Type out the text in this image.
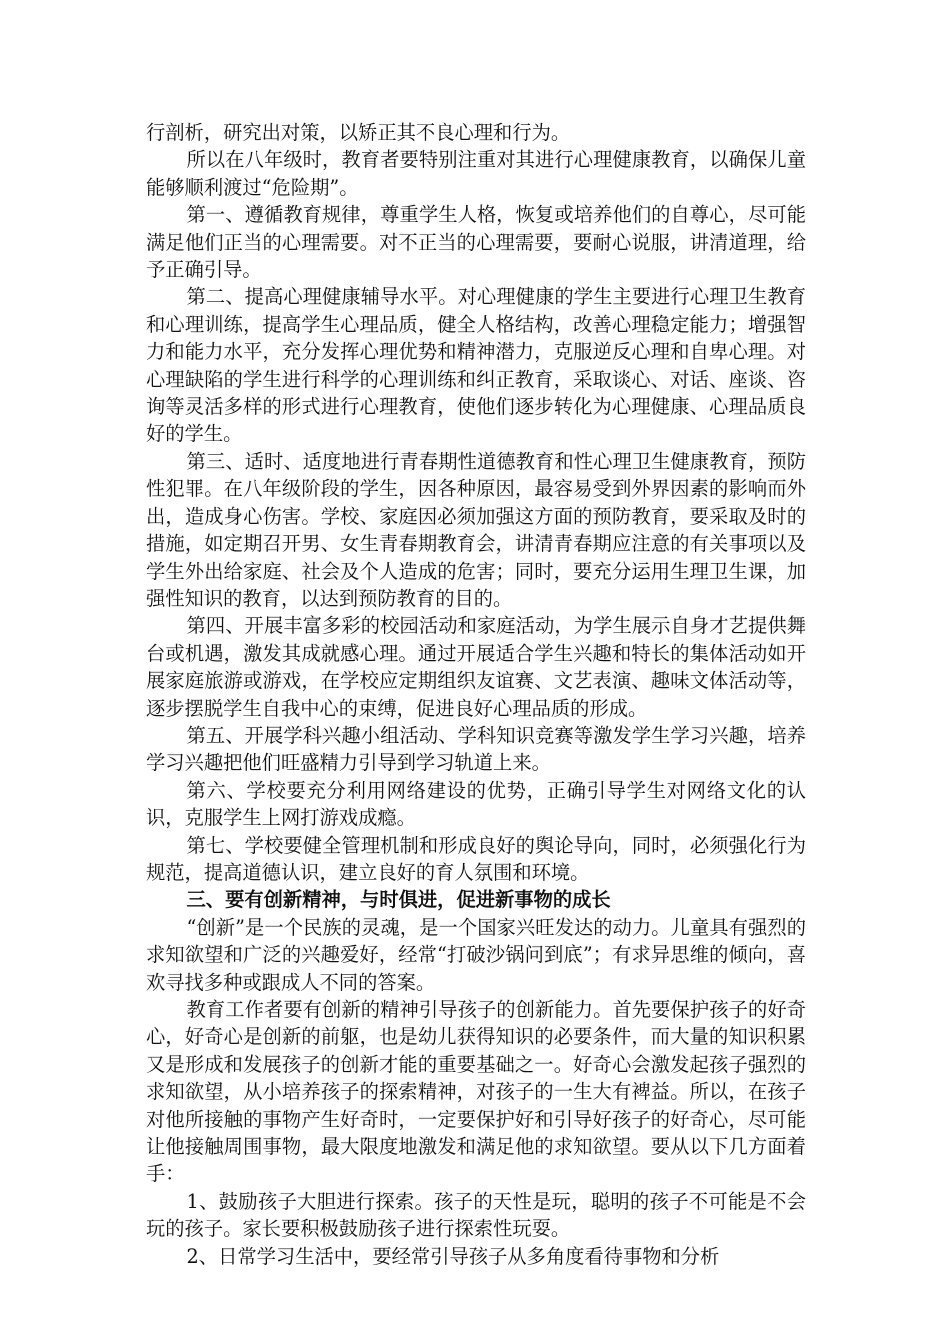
行剖析，研究出对策，以矫正其不良心理和行为。

所以在八年级时，教育者要特别注重对其进行心理健康教育，以确保儿童能够顺利渡过“危险期”。

第一、遵循教育规律，尊重学生人格，恢复或培养他们的自尊心，尽可能满足他们正当的心理需要。对不正当的心理需要，要耐心说服，讲清道理，给予正确引导。

第二、提高心理健康辅导水平。对心理健康的学生主要进行心理卫生教育和心理训练，提高学生心理品质，健全人格结构，改善心理稳定能力；增强智力和能力水平，充分发挥心理优势和精神潜力，克服逆反心理和自卑心理。对心理缺陷的学生进行科学的心理训练和纠正教育，采取谈心、对话、座谈、咨询等灵活多样的形式进行心理教育，使他们逐步转化为心理健康、心理品质良好的学生。

第三、适时、适度地进行青春期性道德教育和性心理卫生健康教育，预防性犯罪。在八年级阶段的学生，因各种原因，最容易受到外界因素的影响而外出，造成身心伤害。学校、家庭因必须加强这方面的预防教育，要采取及时的措施，如定期召开男、女生青春期教育会，讲清青春期应注意的有关事项以及学生外出给家庭、社会及个人造成的危害；同时，要充分运用生理卫生课，加强性知识的教育，以达到预防教育的目的。

第四、开展丰富多彩的校园活动和家庭活动，为学生展示自身才艺提供舞台或机遇，激发其成就感心理。通过开展适合学生兴趣和特长的集体活动如开展家庭旅游或游戏，在学校应定期组织友谊赛、文艺表演、趣味文体活动等，逐步摆脱学生自我中心的束缚，促进良好心理品质的形成。

第五、开展学科兴趣小组活动、学科知识竞赛等激发学生学习兴趣，培养学习兴趣把他们旺盛精力引导到学习轨道上来。

第六、学校要充分利用网络建设的优势，正确引导学生对网络文化的认识，克服学生上网打游戏成瘾。

第七、学校要健全管理机制和形成良好的舆论导向，同时，必须强化行为规范，提高道德认识，建立良好的育人氛围和环境。

三、要有创新精神，与时俱进，促进新事物的成长

“创新”是一个民族的灵魂，是一个国家兴旺发达的动力。儿童具有强烈的求知欲望和广泛的兴趣爱好，经常“打破沙锅问到底”；有求异思维的倾向，喜欢寻找多种或跟成人不同的答案。

教育工作者要有创新的精神引导孩子的创新能力。首先要保护孩子的好奇心，好奇心是创新的前躯，也是幼儿获得知识的必要条件，而大量的知识积累又是形成和发展孩子的创新才能的重要基础之一。好奇心会激发起孩子强烈的求知欲望，从小培养孩子的探索精神，对孩子的一生大有裨益。所以，在孩子对他所接触的事物产生好奇时，一定要保护好和引导好孩子的好奇心，尽可能让他接触周围事物，最大限度地激发和满足他的求知欲望。要从以下几方面着手：

1、鼓励孩子大胆进行探索。孩子的天性是玩，聪明的孩子不可能是不会玩的孩子。家长要积极鼓励孩子进行探索性玩耍。

2、日常学习生活中，要经常引导孩子从多角度看待事物和分析
